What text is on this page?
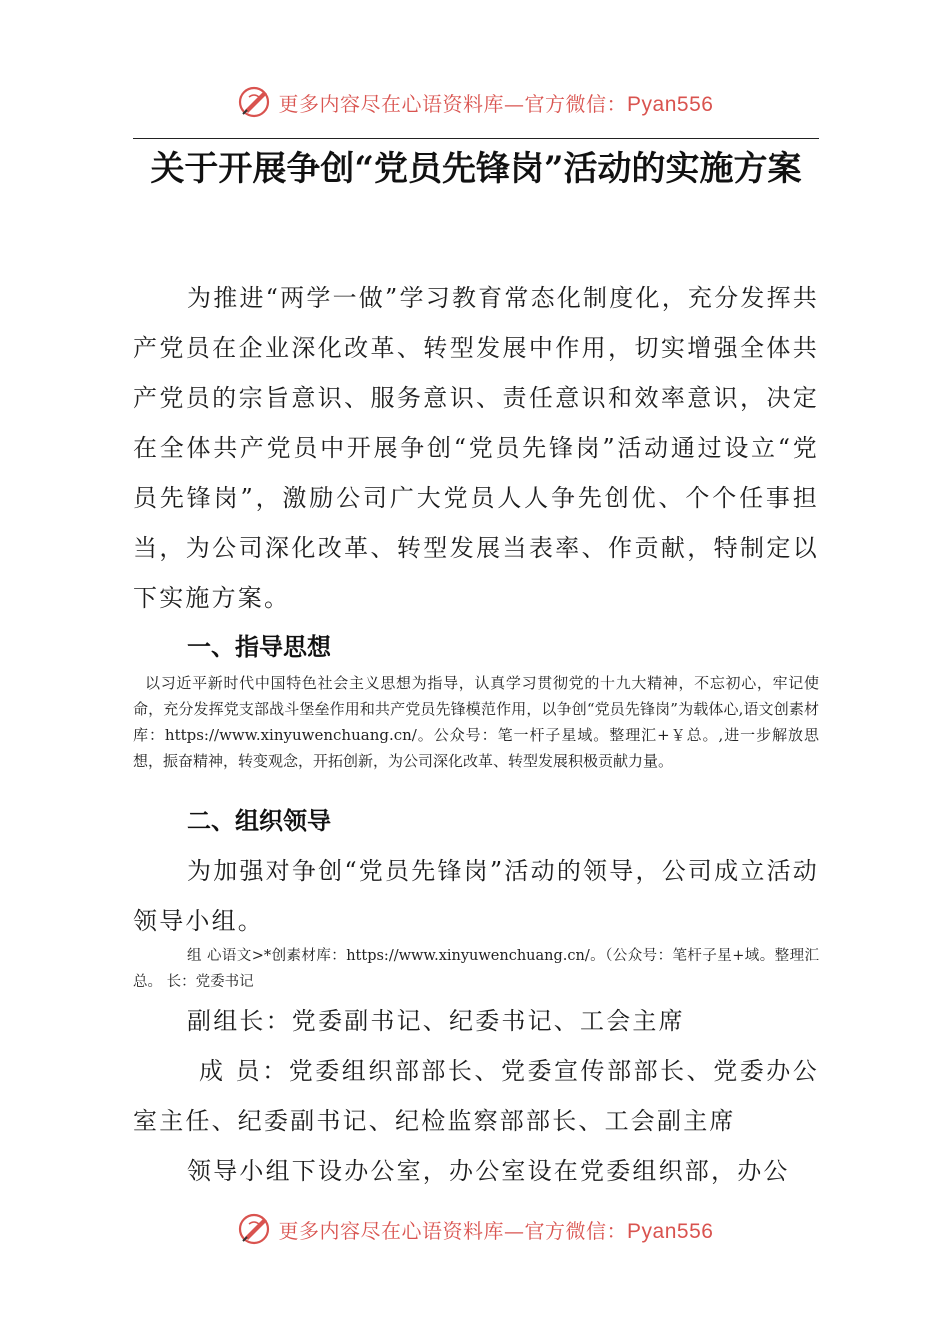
更多内容尽在心语资料库—官方微信：Pyan556
关于开展争创“党员先锋岗”活动的实施方案
为推进“两学一做”学习教育常态化制度化，充分发挥共产党员在企业深化改革、转型发展中作用，切实增强全体共产党员的宗旨意识、服务意识、责任意识和效率意识，决定在全体共产党员中开展争创“党员先锋岗”活动通过设立“党员先锋岗”，激励公司广大党员人人争先创优、个个任事担当，为公司深化改革、转型发展当表率、作贡献，特制定以下实施方案。
一、指导思想
以习近平新时代中国特色社会主义思想为指导，认真学习贯彻党的十九大精神，不忘初心，牢记使命，充分发挥党支部战斗堡垒作用和共产党员先锋模范作用，以争创“党员先锋岗”为载体心,语文创素材库：https://www.xinyuwenchuang.cn/。公众号：笔一杆子星域。整理汇+￥总。,进一步解放思想，振奋精神，转变观念，开拓创新，为公司深化改革、转型发展积极贡献力量。
二、组织领导
为加强对争创“党员先锋岗”活动的领导，公司成立活动领导小组。
组 心语文>*创素材库：https://www.xinyuwenchuang.cn/。（公众号：笔杆子星+域。整理汇总。 长：党委书记
副组长：党委副书记、纪委书记、工会主席
成 员：党委组织部部长、党委宣传部部长、党委办公室主任、纪委副书记、纪检监察部部长、工会副主席
领导小组下设办公室，办公室设在党委组织部，办公
更多内容尽在心语资料库—官方微信：Pyan556
